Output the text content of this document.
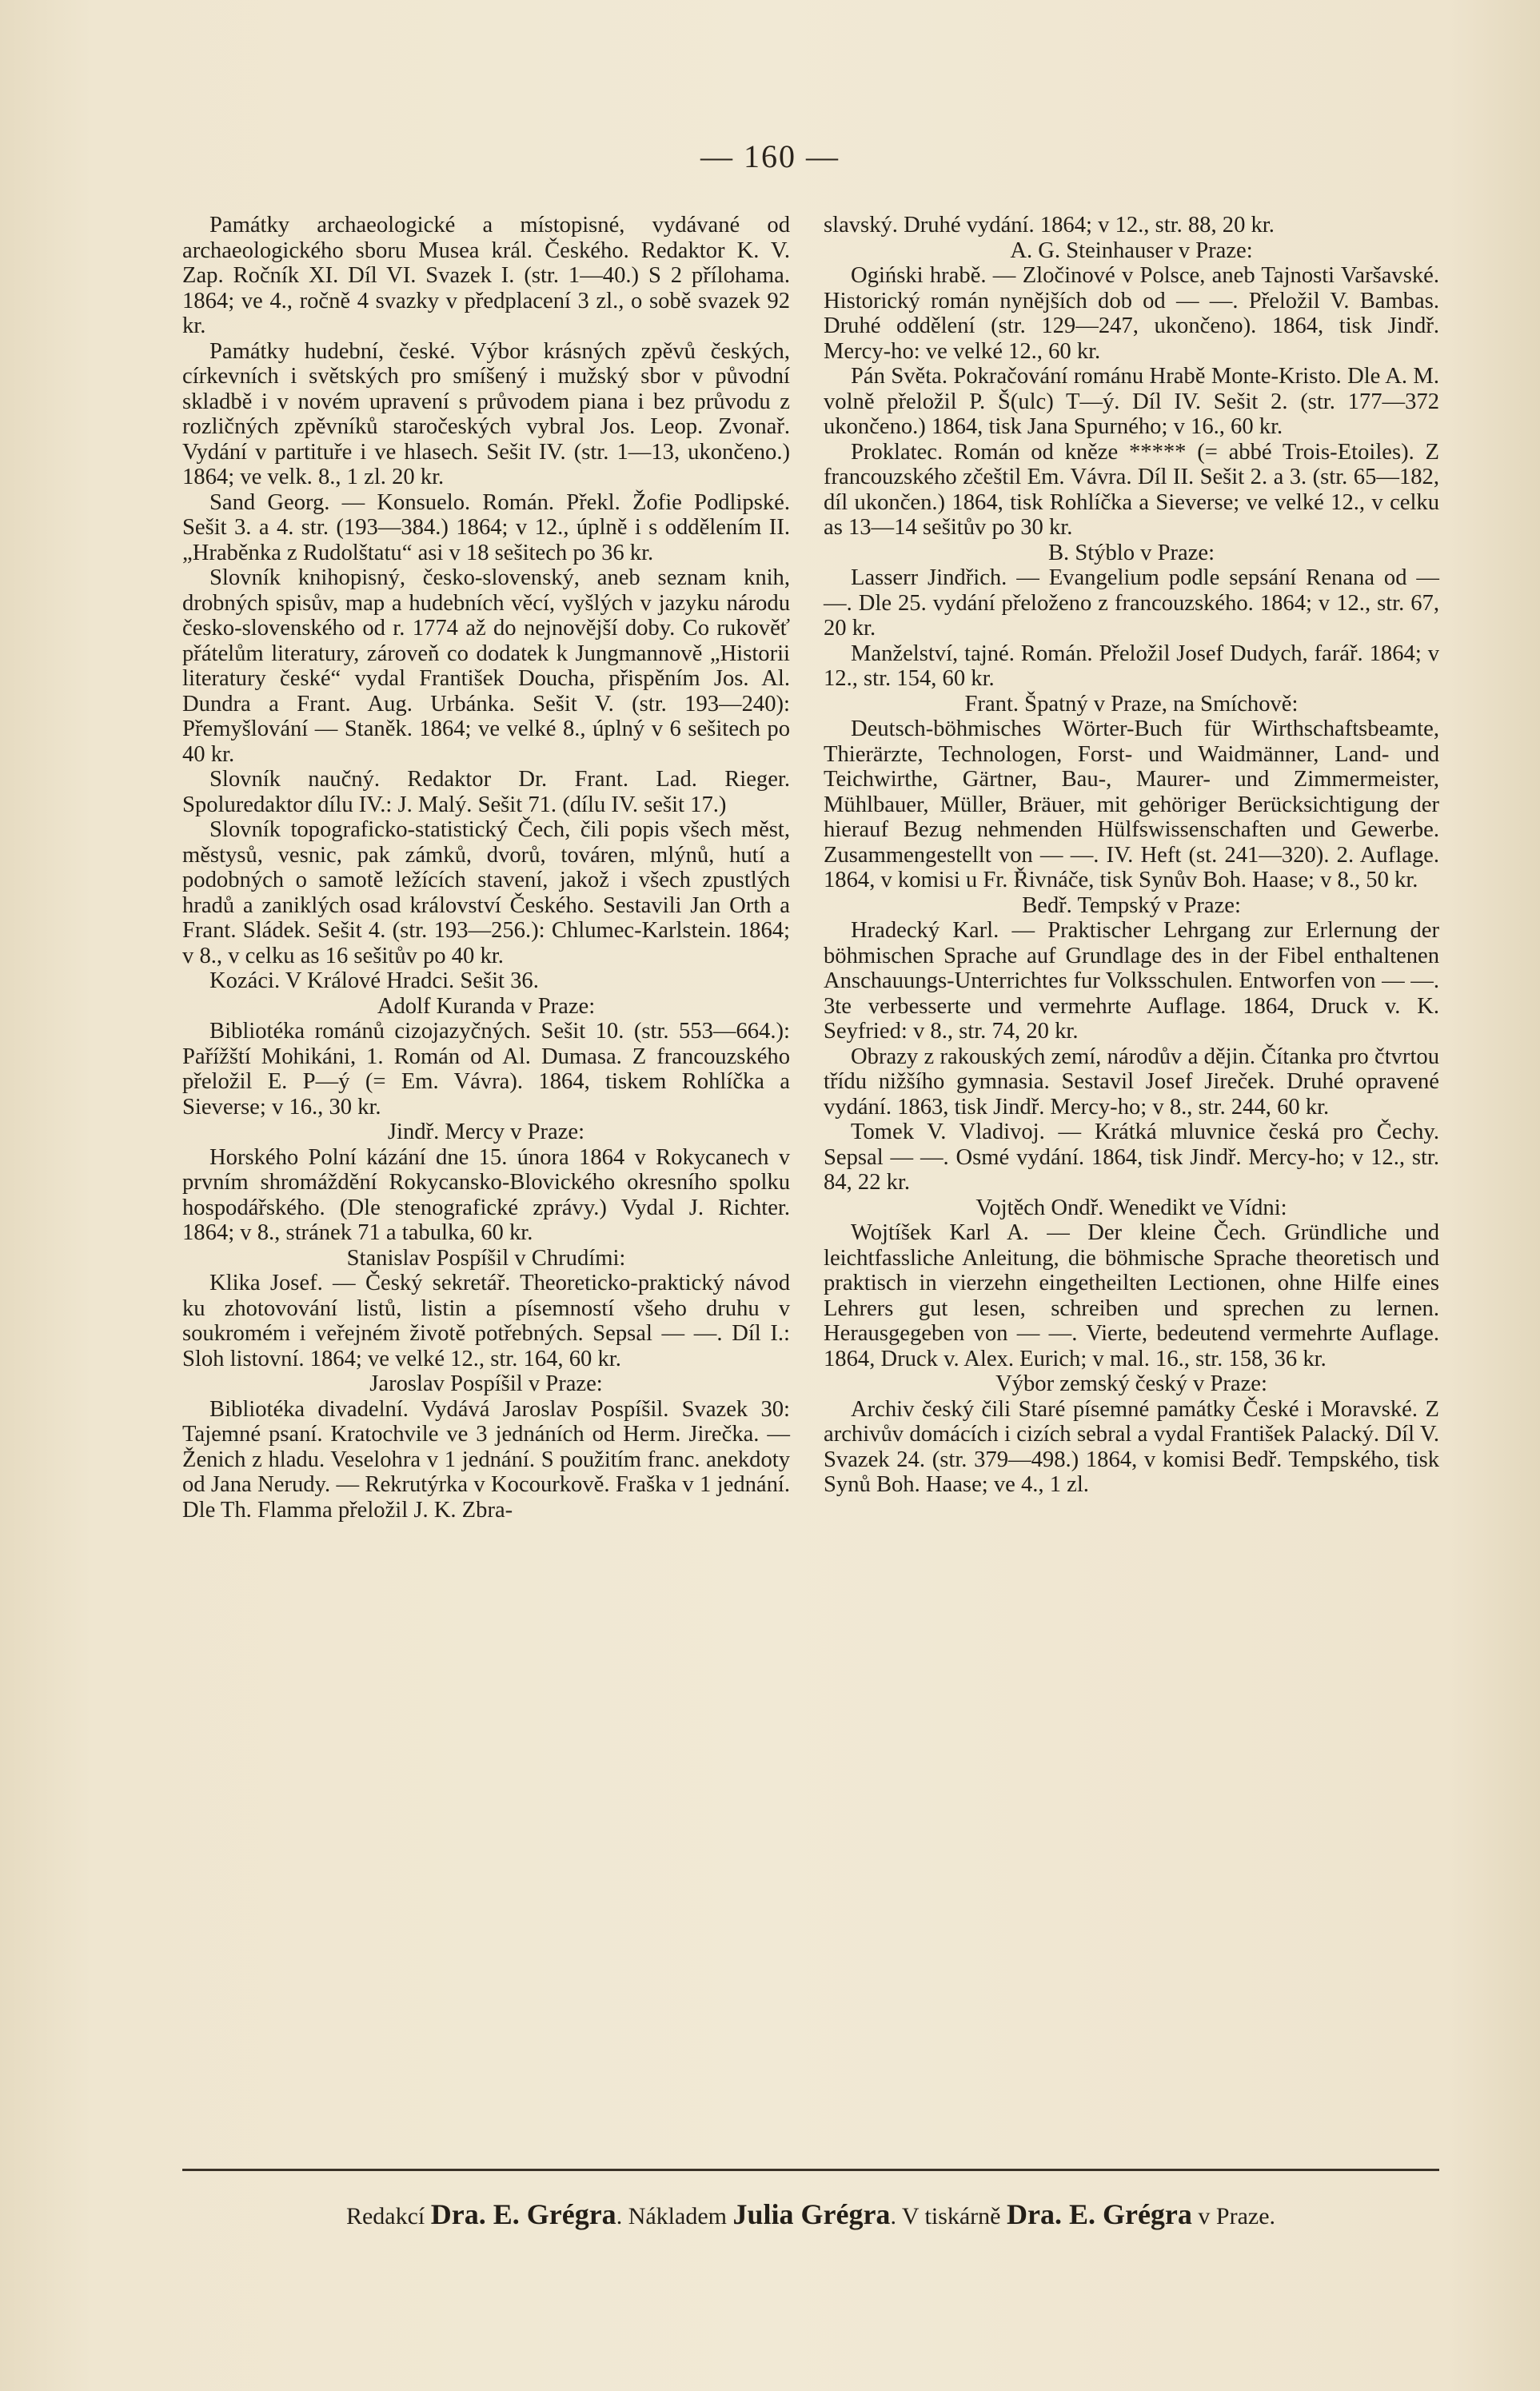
— 160 —

Památky archaeologické a místopisné, vydávané od archaeologického sboru Musea král. Českého. Redaktor K. V. Zap. Ročník XI. Díl VI. Svazek I. (str. 1—40.) S 2 přílohama. 1864; ve 4., ročně 4 svazky v předplacení 3 zl., o sobě svazek 92 kr.

Památky hudební, české. Výbor krásných zpěvů českých, církevních i světských pro smíšený i mužský sbor v původní skladbě i v novém upravení s průvodem piana i bez průvodu z rozličných zpěvníků staročeských vybral Jos. Leop. Zvonař. Vydání v partituře i ve hlasech. Sešit IV. (str. 1—13, ukončeno.) 1864; ve velk. 8., 1 zl. 20 kr.

Sand Georg. — Konsuelo. Román. Překl. Žofie Podlipské. Sešit 3. a 4. str. (193—384.) 1864; v 12., úplně i s oddělením II. „Hraběnka z Rudolštatu“ asi v 18 sešitech po 36 kr.

Slovník knihopisný, česko-slovenský, aneb seznam knih, drobných spisův, map a hudebních věcí, vyšlých v jazyku národu česko-slovenského od r. 1774 až do nejnovější doby. Co rukověť přátelům literatury, zároveň co dodatek k Jungmannově „Historii literatury české“ vydal František Doucha, přispěním Jos. Al. Dundra a Frant. Aug. Urbánka. Sešit V. (str. 193—240): Přemyšlování — Staněk. 1864; ve velké 8., úplný v 6 sešitech po 40 kr.

Slovník naučný. Redaktor Dr. Frant. Lad. Rieger. Spoluredaktor dílu IV.: J. Malý. Sešit 71. (dílu IV. sešit 17.)

Slovník topograficko-statistický Čech, čili popis všech měst, městysů, vesnic, pak zámků, dvorů, továren, mlýnů, hutí a podobných o samotě ležících stavení, jakož i všech zpustlých hradů a zaniklých osad království Českého. Sestavili Jan Orth a Frant. Sládek. Sešit 4. (str. 193—256.): Chlumec-Karlstein. 1864; v 8., v celku as 16 sešitův po 40 kr.

Kozáci. V Králové Hradci. Sešit 36.

Adolf Kuranda v Praze:

Bibliotéka románů cizojazyčných. Sešit 10. (str. 553—664.): Pařížští Mohikáni, 1. Román od Al. Dumasa. Z francouzského přeložil E. P—ý (= Em. Vávra). 1864, tiskem Rohlíčka a Sieverse; v 16., 30 kr.

Jindř. Mercy v Praze:

Horského Polní kázání dne 15. února 1864 v Rokycanech v prvním shromáždění Rokycansko-Blovického okresního spolku hospodářského. (Dle stenografické zprávy.) Vydal J. Richter. 1864; v 8., stránek 71 a tabulka, 60 kr.

Stanislav Pospíšil v Chrudími:

Klika Josef. — Český sekretář. Theoreticko-praktický návod ku zhotovování listů, listin a písemností všeho druhu v soukromém i veřejném životě potřebných. Sepsal — —. Díl I.: Sloh listovní. 1864; ve velké 12., str. 164, 60 kr.

Jaroslav Pospíšil v Praze:

Bibliotéka divadelní. Vydává Jaroslav Pospíšil. Svazek 30: Tajemné psaní. Kratochvile ve 3 jednáních od Herm. Jirečka. — Ženich z hladu. Veselohra v 1 jednání. S použitím franc. anekdoty od Jana Nerudy. — Rekrutýrka v Kocourkově. Fraška v 1 jednání. Dle Th. Flamma přeložil J. K. Zbra-

slavský. Druhé vydání. 1864; v 12., str. 88, 20 kr.

A. G. Steinhauser v Praze:

Ogiński hrabě. — Zločinové v Polsce, aneb Tajnosti Varšavské. Historický román nynějších dob od — —. Přeložil V. Bambas. Druhé oddělení (str. 129—247, ukončeno). 1864, tisk Jindř. Mercy-ho: ve velké 12., 60 kr.

Pán Světa. Pokračování románu Hrabě Monte-Kristo. Dle A. M. volně přeložil P. Š(ulc) T—ý. Díl IV. Sešit 2. (str. 177—372 ukončeno.) 1864, tisk Jana Spurného; v 16., 60 kr.

Proklatec. Román od kněze ***** (= abbé Trois-Etoiles). Z francouzského zčeštil Em. Vávra. Díl II. Sešit 2. a 3. (str. 65—182, díl ukončen.) 1864, tisk Rohlíčka a Sieverse; ve velké 12., v celku as 13—14 sešitův po 30 kr.

B. Stýblo v Praze:

Lasserr Jindřich. — Evangelium podle sepsání Renana od — —. Dle 25. vydání přeloženo z francouzského. 1864; v 12., str. 67, 20 kr.

Manželství, tajné. Román. Přeložil Josef Dudych, farář. 1864; v 12., str. 154, 60 kr.

Frant. Špatný v Praze, na Smíchově:

Deutsch-böhmisches Wörter-Buch für Wirthschaftsbeamte, Thierärzte, Technologen, Forst- und Waidmänner, Land- und Teichwirthe, Gärtner, Bau-, Maurer- und Zimmermeister, Mühlbauer, Müller, Bräuer, mit gehöriger Berücksichtigung der hierauf Bezug nehmenden Hülfswissenschaften und Gewerbe. Zusammengestellt von — —. IV. Heft (st. 241—320). 2. Auflage. 1864, v komisi u Fr. Řivnáče, tisk Synův Boh. Haase; v 8., 50 kr.

Bedř. Tempský v Praze:

Hradecký Karl. — Praktischer Lehrgang zur Erlernung der böhmischen Sprache auf Grundlage des in der Fibel enthaltenen Anschauungs-Unterrichtes fur Volksschulen. Entworfen von — —. 3te verbesserte und vermehrte Auflage. 1864, Druck v. K. Seyfried: v 8., str. 74, 20 kr.

Obrazy z rakouských zemí, národův a dějin. Čítanka pro čtvrtou třídu nižšího gymnasia. Sestavil Josef Jireček. Druhé opravené vydání. 1863, tisk Jindř. Mercy-ho; v 8., str. 244, 60 kr.

Tomek V. Vladivoj. — Krátká mluvnice česká pro Čechy. Sepsal — —. Osmé vydání. 1864, tisk Jindř. Mercy-ho; v 12., str. 84, 22 kr.

Vojtěch Ondř. Wenedikt ve Vídni:

Wojtíšek Karl A. — Der kleine Čech. Gründliche und leichtfassliche Anleitung, die böhmische Sprache theoretisch und praktisch in vierzehn eingetheilten Lectionen, ohne Hilfe eines Lehrers gut lesen, schreiben und sprechen zu lernen. Herausgegeben von — —. Vierte, bedeutend vermehrte Auflage. 1864, Druck v. Alex. Eurich; v mal. 16., str. 158, 36 kr.

Výbor zemský český v Praze:

Archiv český čili Staré písemné památky České i Moravské. Z archivův domácích i cizích sebral a vydal František Palacký. Díl V. Svazek 24. (str. 379—498.) 1864, v komisi Bedř. Tempského, tisk Synů Boh. Haase; ve 4., 1 zl.

Redakcí Dra. E. Grégra. Nákladem Julia Grégra. V tiskárně Dra. E. Grégra v Praze.
